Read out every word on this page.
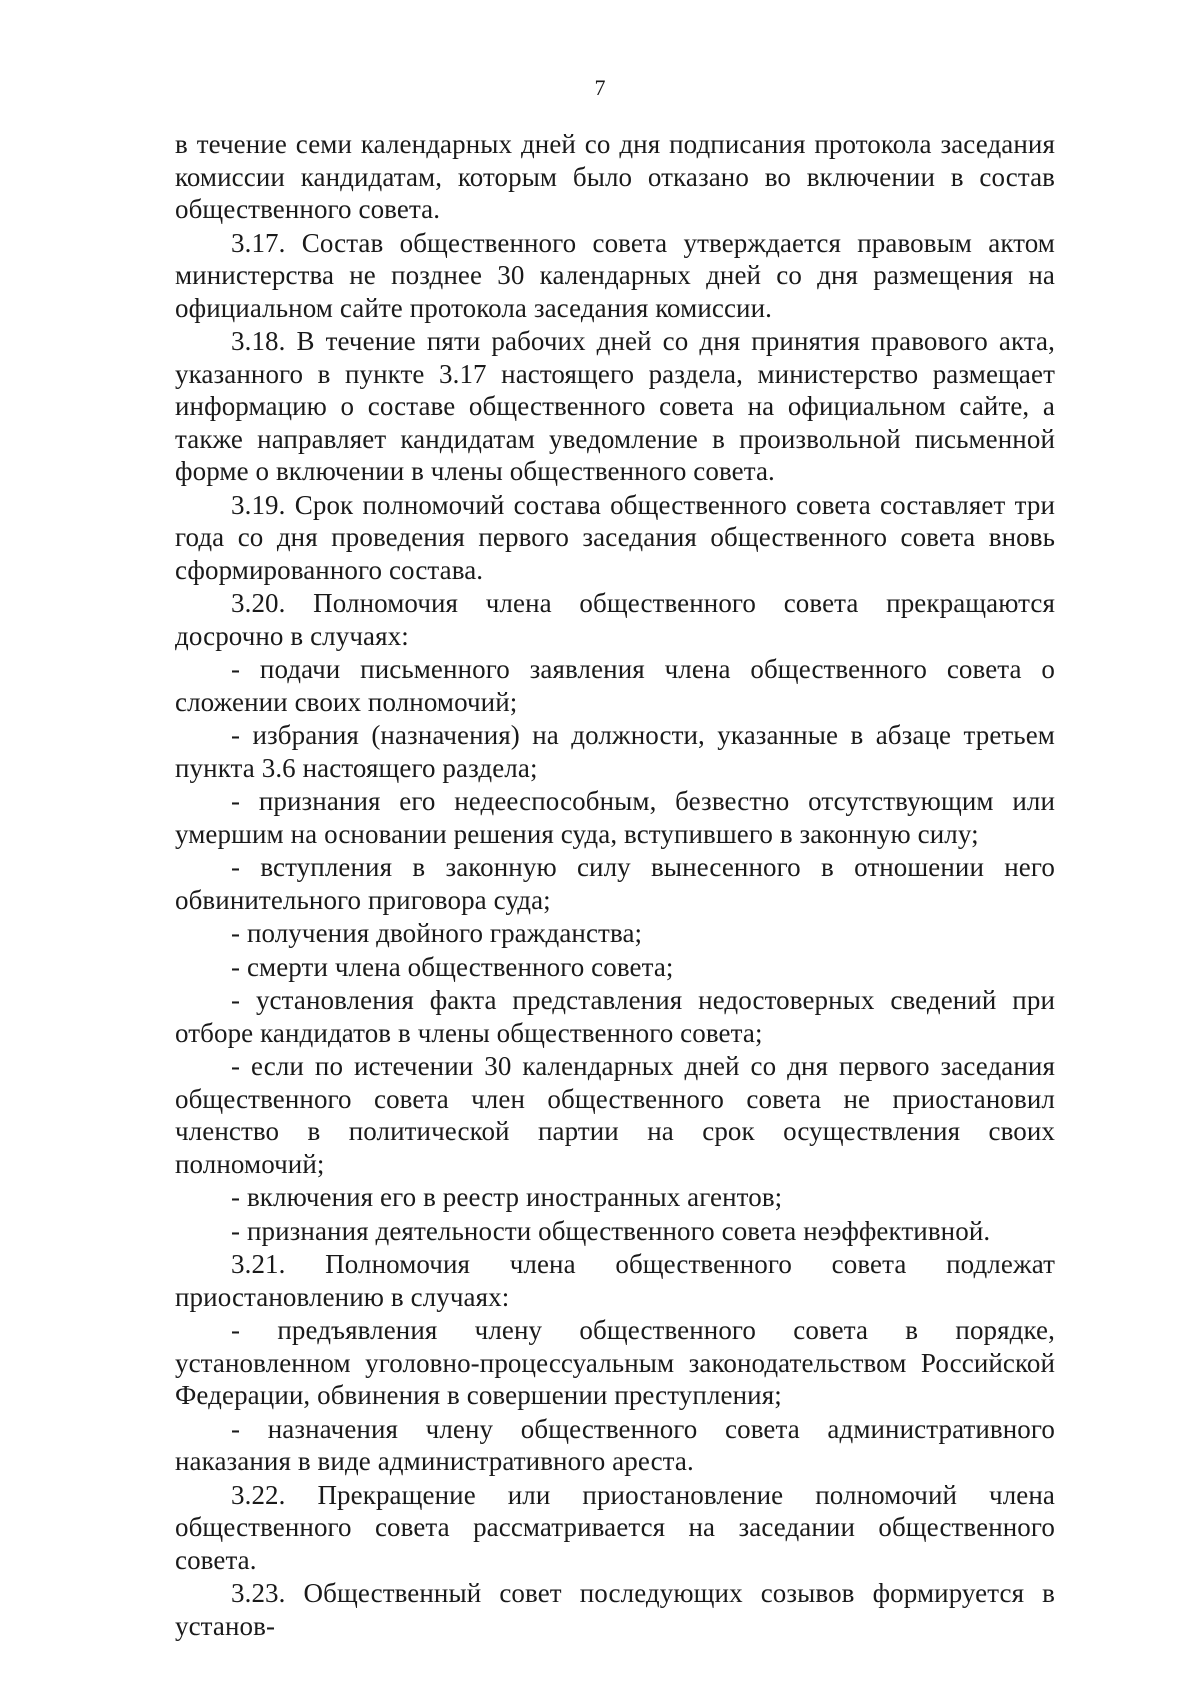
7

в течение семи календарных дней со дня подписания протокола заседания комиссии кандидатам, которым было отказано во включении в состав общественного совета.

3.17. Состав общественного совета утверждается правовым актом министерства не позднее 30 календарных дней со дня размещения на официальном сайте протокола заседания комиссии.

3.18. В течение пяти рабочих дней со дня принятия правового акта, указанного в пункте 3.17 настоящего раздела, министерство размещает информацию о составе общественного совета на официальном сайте, а также направляет кандидатам уведомление в произвольной письменной форме о включении в члены общественного совета.

3.19. Срок полномочий состава общественного совета составляет три года со дня проведения первого заседания общественного совета вновь сформированного состава.

3.20. Полномочия члена общественного совета прекращаются досрочно в случаях:

- подачи письменного заявления члена общественного совета о сложении своих полномочий;

- избрания (назначения) на должности, указанные в абзаце третьем пункта 3.6 настоящего раздела;

- признания его недееспособным, безвестно отсутствующим или умершим на основании решения суда, вступившего в законную силу;

- вступления в законную силу вынесенного в отношении него обвинительного приговора суда;

- получения двойного гражданства;

- смерти члена общественного совета;

- установления факта представления недостоверных сведений при отборе кандидатов в члены общественного совета;

- если по истечении 30 календарных дней со дня первого заседания общественного совета член общественного совета не приостановил членство в политической партии на срок осуществления своих полномочий;

- включения его в реестр иностранных агентов;

- признания деятельности общественного совета неэффективной.

3.21. Полномочия члена общественного совета подлежат приостановлению в случаях:

- предъявления члену общественного совета в порядке, установленном уголовно-процессуальным законодательством Российской Федерации, обвинения в совершении преступления;

- назначения члену общественного совета административного наказания в виде административного ареста.

3.22. Прекращение или приостановление полномочий члена общественного совета рассматривается на заседании общественного совета.

3.23. Общественный совет последующих созывов формируется в установ-
